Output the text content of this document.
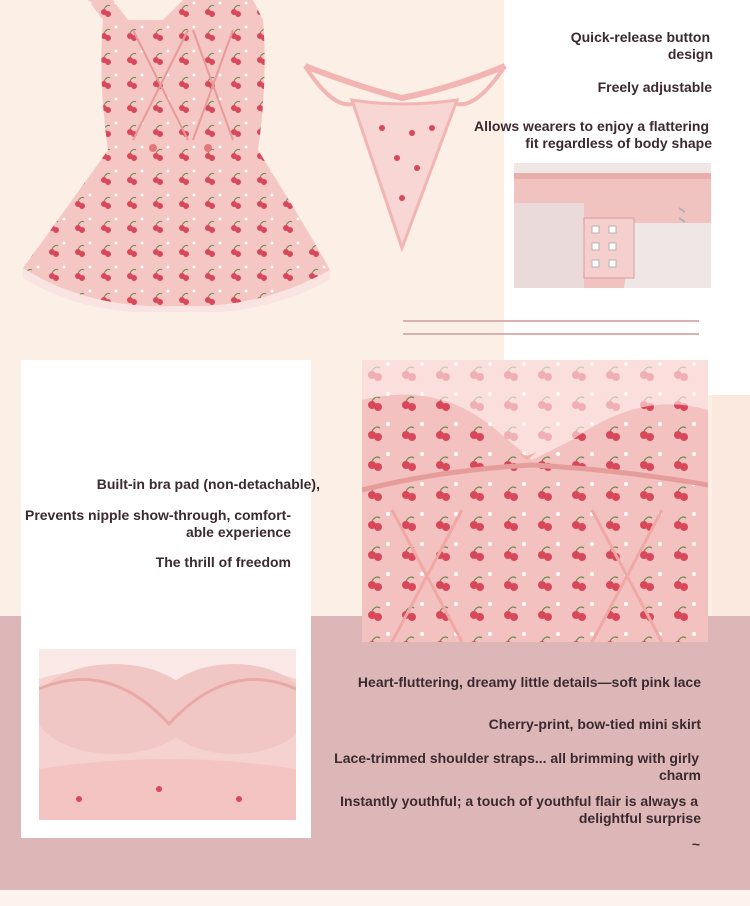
Quick-release button
design
Freely adjustable
Allows wearers to enjoy a flattering
fit regardless of body shape
Built-in bra pad (non-detachable),
Prevents nipple show-through, comfort-
able experience
The thrill of freedom
Heart-fluttering, dreamy little details—soft pink lace
Cherry-print, bow-tied mini skirt
Lace-trimmed shoulder straps... all brimming with girly
charm
Instantly youthful; a touch of youthful flair is always a
delightful surprise
~
